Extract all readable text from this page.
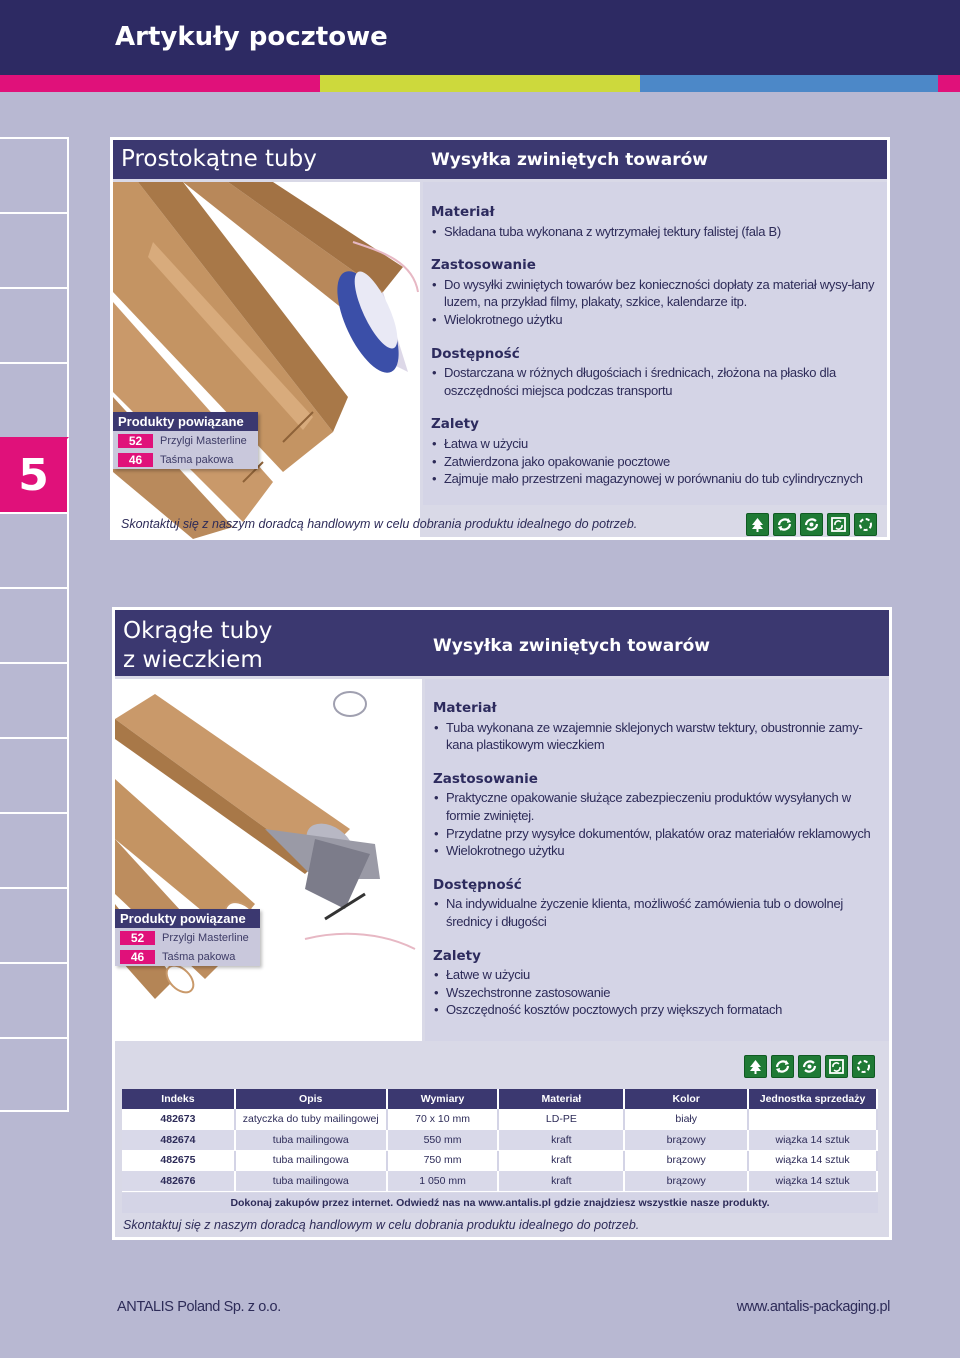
Artykuły pocztowe
5
Prostokątne tuby	Wysyłka zwiniętych towarów
Materiał
• Składana tuba wykonana z wytrzymałej tektury falistej (fala B)
Zastosowanie
• Do wysyłki zwiniętych towarów bez konieczności dopłaty za materiał wysy-łany luzem, na przykład filmy, plakaty, szkice, kalendarze itp.
• Wielokrotnego użytku
Dostępność
• Dostarczana w różnych długościach i średnicach, złożona na płasko dla oszczędności miejsca podczas transportu
Zalety
• Łatwa w użyciu
• Zatwierdzona jako opakowanie pocztowe
• Zajmuje mało przestrzeni magazynowej w porównaniu do tub cylindrycznych
Produkty powiązane
52	Przylgi Masterline
46	Taśma pakowa
Skontaktuj się z naszym doradcą handlowym w celu dobrania produktu idealnego do potrzeb.
Okrągłe tuby
z wieczkiem
Wysyłka zwiniętych towarów
Materiał
• Tuba wykonana ze wzajemnie sklejonych warstw tektury, obustronnie zamy-kana plastikowym wieczkiem
Zastosowanie
• Praktyczne opakowanie służące zabezpieczeniu produktów wysyłanych w formie zwiniętej.
• Przydatne przy wysyłce dokumentów, plakatów oraz materiałów reklamowych
• Wielokrotnego użytku
Dostępność
• Na indywidualne życzenie klienta, możliwość zamówienia tub o dowolnej średnicy i długości
Zalety
• Łatwe w użyciu
• Wszechstronne zastosowanie
• Oszczędność kosztów pocztowych przy większych formatach
Produkty powiązane
52	Przylgi Masterline
46	Taśma pakowa
Indeks	Opis	Wymiary	Materiał	Kolor	Jednostka sprzedaży
482673	zatyczka do tuby mailingowej	70 x 10 mm	LD-PE	biały	
482674	tuba mailingowa	550 mm	kraft	brązowy	wiązka 14 sztuk
482675	tuba mailingowa	750 mm	kraft	brązowy	wiązka 14 sztuk
482676	tuba mailingowa	1 050 mm	kraft	brązowy	wiązka 14 sztuk
Dokonaj zakupów przez internet. Odwiedź nas na www.antalis.pl gdzie znajdziesz wszystkie nasze produkty.
Skontaktuj się z naszym doradcą handlowym w celu dobrania produktu idealnego do potrzeb.
ANTALIS Poland Sp. z o.o.	www.antalis-packaging.pl
